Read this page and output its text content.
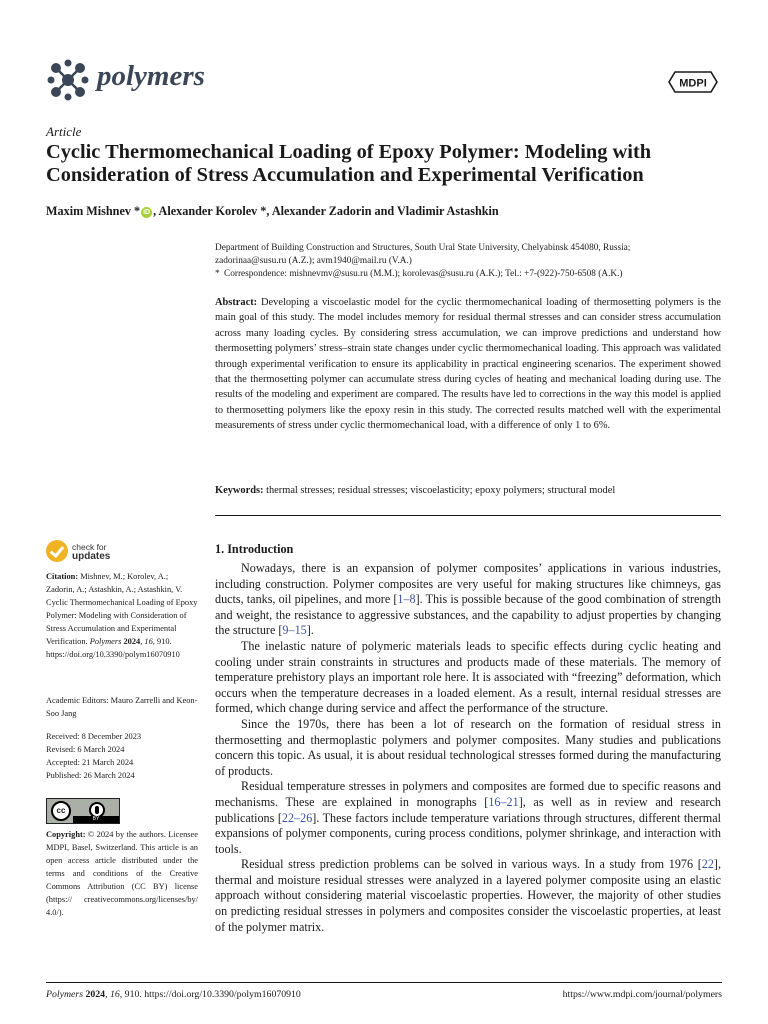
polymers	MDPI
Article
Cyclic Thermomechanical Loading of Epoxy Polymer: Modeling with Consideration of Stress Accumulation and Experimental Verification
Maxim Mishnev * iD , Alexander Korolev *, Alexander Zadorin and Vladimir Astashkin
Department of Building Construction and Structures, South Ural State University, Chelyabinsk 454080, Russia;
zadorinaa@susu.ru (A.Z.); avm1940@mail.ru (V.A.)
* Correspondence: mishnevmv@susu.ru (M.M.); korolevas@susu.ru (A.K.); Tel.: +7-(922)-750-6508 (A.K.)
Abstract: Developing a viscoelastic model for the cyclic thermomechanical loading of thermosetting polymers is the main goal of this study. The model includes memory for residual thermal stresses and can consider stress accumulation across many loading cycles. By considering stress accumulation, we can improve predictions and understand how thermosetting polymers’ stress–strain state changes under cyclic thermomechanical loading. This approach was validated through experimental verification to ensure its applicability in practical engineering scenarios. The experiment showed that the thermosetting polymer can accumulate stress during cycles of heating and mechanical loading during use. The results of the modeling and experiment are compared. The results have led to corrections in the way this model is applied to thermosetting polymers like the epoxy resin in this study. The corrected results matched well with the experimental measurements of stress under cyclic thermomechanical load, with a difference of only 1 to 6%.
Keywords: thermal stresses; residual stresses; viscoelasticity; epoxy polymers; structural model
check for
updates
Citation: Mishnev, M.; Korolev, A.; Zadorin, A.; Astashkin, A.; Astashkin, V. Cyclic Thermomechanical Loading of Epoxy Polymer: Modeling with Consideration of Stress Accumulation and Experimental Verification. Polymers 2024, 16, 910. https://doi.org/10.3390/polym16070910
Academic Editors: Mauro Zarrelli and Keon-Soo Jang
Received: 8 December 2023
Revised: 6 March 2024
Accepted: 21 March 2024
Published: 26 March 2024
cc
BY
Copyright: © 2024 by the authors. Licensee MDPI, Basel, Switzerland. This article is an open access article distributed under the terms and conditions of the Creative Commons Attribution (CC BY) license (https:// creativecommons.org/licenses/by/ 4.0/).
1. Introduction

Nowadays, there is an expansion of polymer composites’ applications in various industries, including construction. Polymer composites are very useful for making structures like chimneys, gas ducts, tanks, oil pipelines, and more [1–8]. This is possible because of the good combination of strength and weight, the resistance to aggressive substances, and the capability to adjust properties by changing the structure [9–15].

The inelastic nature of polymeric materials leads to specific effects during cyclic heating and cooling under strain constraints in structures and products made of these materials. The memory of temperature prehistory plays an important role here. It is associated with “freezing” deformation, which occurs when the temperature decreases in a loaded element. As a result, internal residual stresses are formed, which change during service and affect the performance of the structure.

Since the 1970s, there has been a lot of research on the formation of residual stress in thermosetting and thermoplastic polymers and polymer composites. Many studies and publications concern this topic. As usual, it is about residual technological stresses formed during the manufacturing of products.

Residual temperature stresses in polymers and composites are formed due to specific reasons and mechanisms. These are explained in monographs [16–21], as well as in review and research publications [22–26]. These factors include temperature variations through structures, different thermal expansions of polymer components, curing process conditions, polymer shrinkage, and interaction with tools.

Residual stress prediction problems can be solved in various ways. In a study from 1976 [22], thermal and moisture residual stresses were analyzed in a layered polymer composite using an elastic approach without considering material viscoelastic properties. However, the majority of other studies on predicting residual stresses in polymers and composites consider the viscoelastic properties, at least of the polymer matrix.

Polymers 2024, 16, 910. https://doi.org/10.3390/polym16070910	https://www.mdpi.com/journal/polymers
